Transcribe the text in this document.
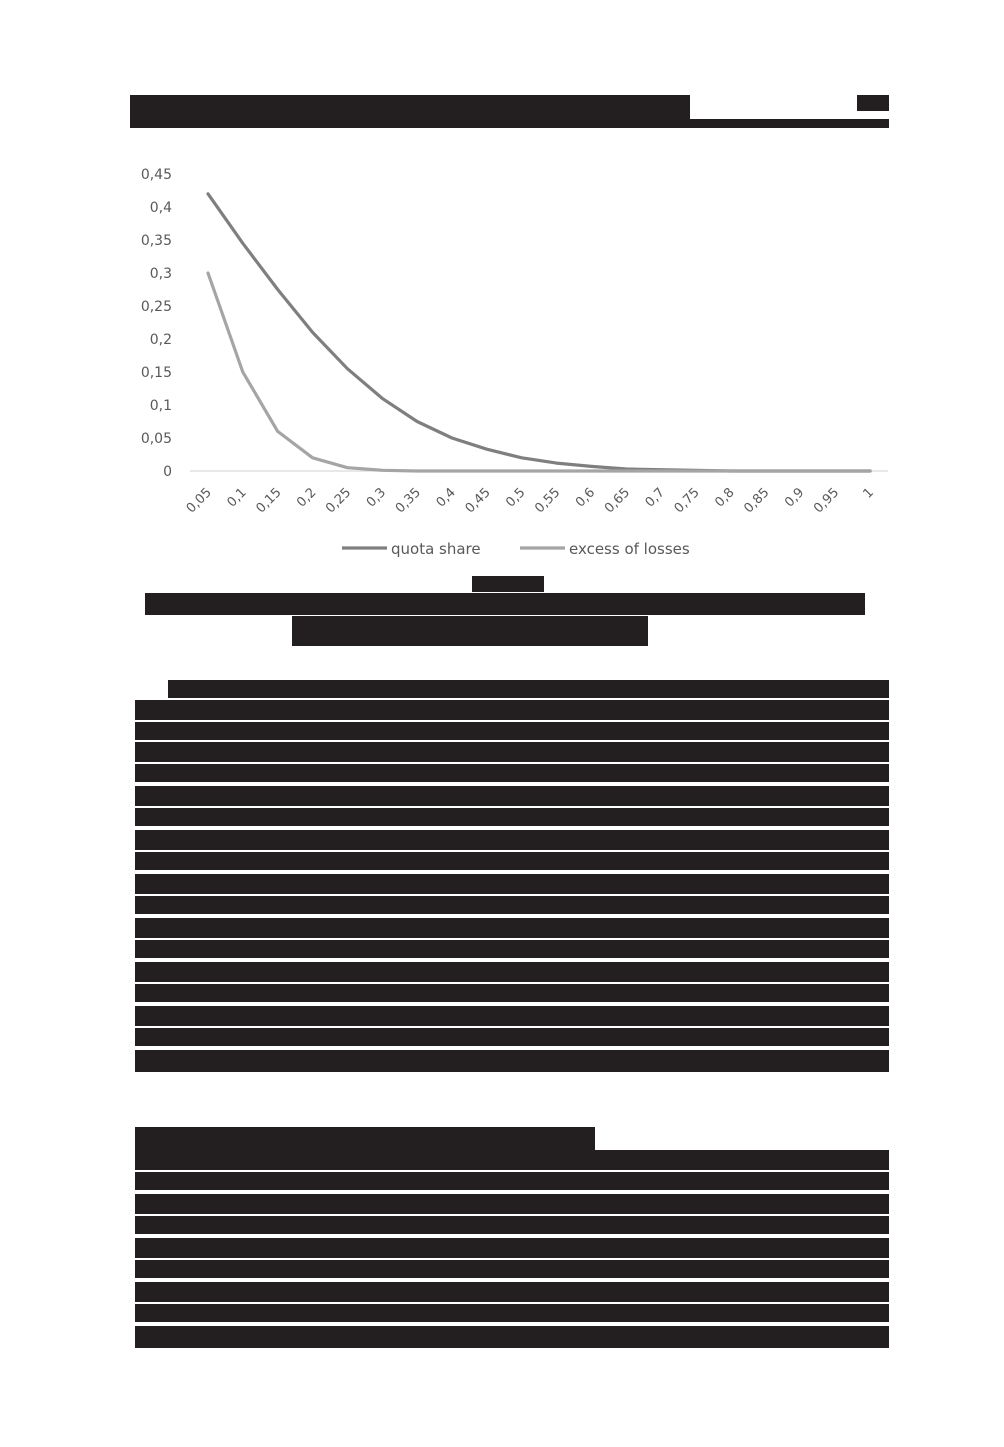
0
0,05
0,1
0,15
0,2
0,25
0,3
0,35
0,4
0,45
0,05 0,1 0,15 0,2 0,25 0,3 0,35 0,4 0,45 0,5 0,55 0,6 0,65 0,7 0,75 0,8 0,85 0,9 0,95 1
quota share	excess of losses
